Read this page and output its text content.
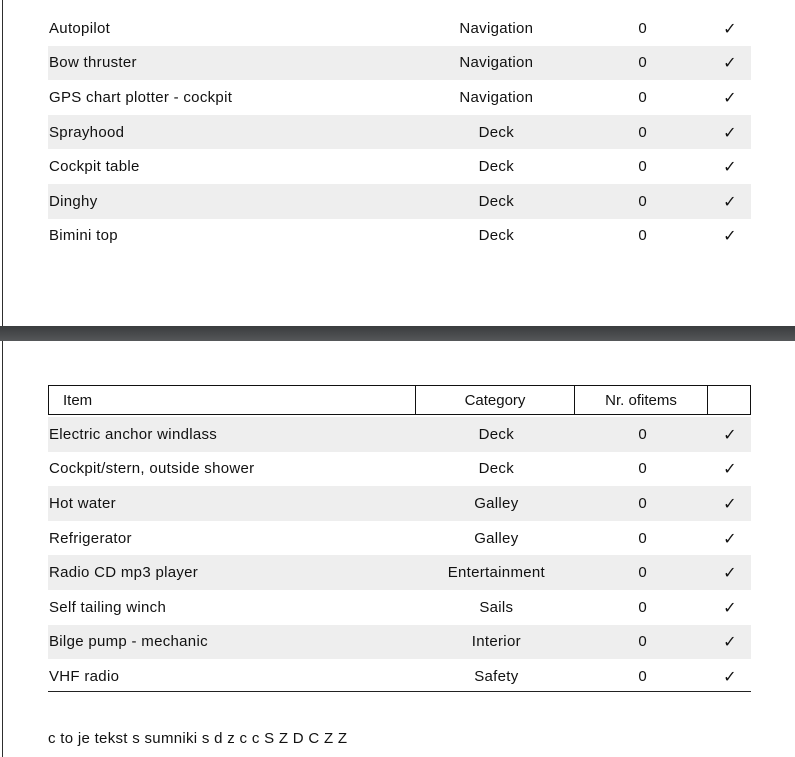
Autopilot	Navigation	0	✓
Bow thruster	Navigation	0	✓
GPS chart plotter - cockpit	Navigation	0	✓
Sprayhood	Deck	0	✓
Cockpit table	Deck	0	✓
Dinghy	Deck	0	✓
Bimini top	Deck	0	✓
Item	Category	Nr. ofitems
Electric anchor windlass	Deck	0	✓
Cockpit/stern, outside shower	Deck	0	✓
Hot water	Galley	0	✓
Refrigerator	Galley	0	✓
Radio CD mp3 player	Entertainment	0	✓
Self tailing winch	Sails	0	✓
Bilge pump - mechanic	Interior	0	✓
VHF radio	Safety	0	✓
c to je tekst s sumniki s d z c c S Z D C Z Z
